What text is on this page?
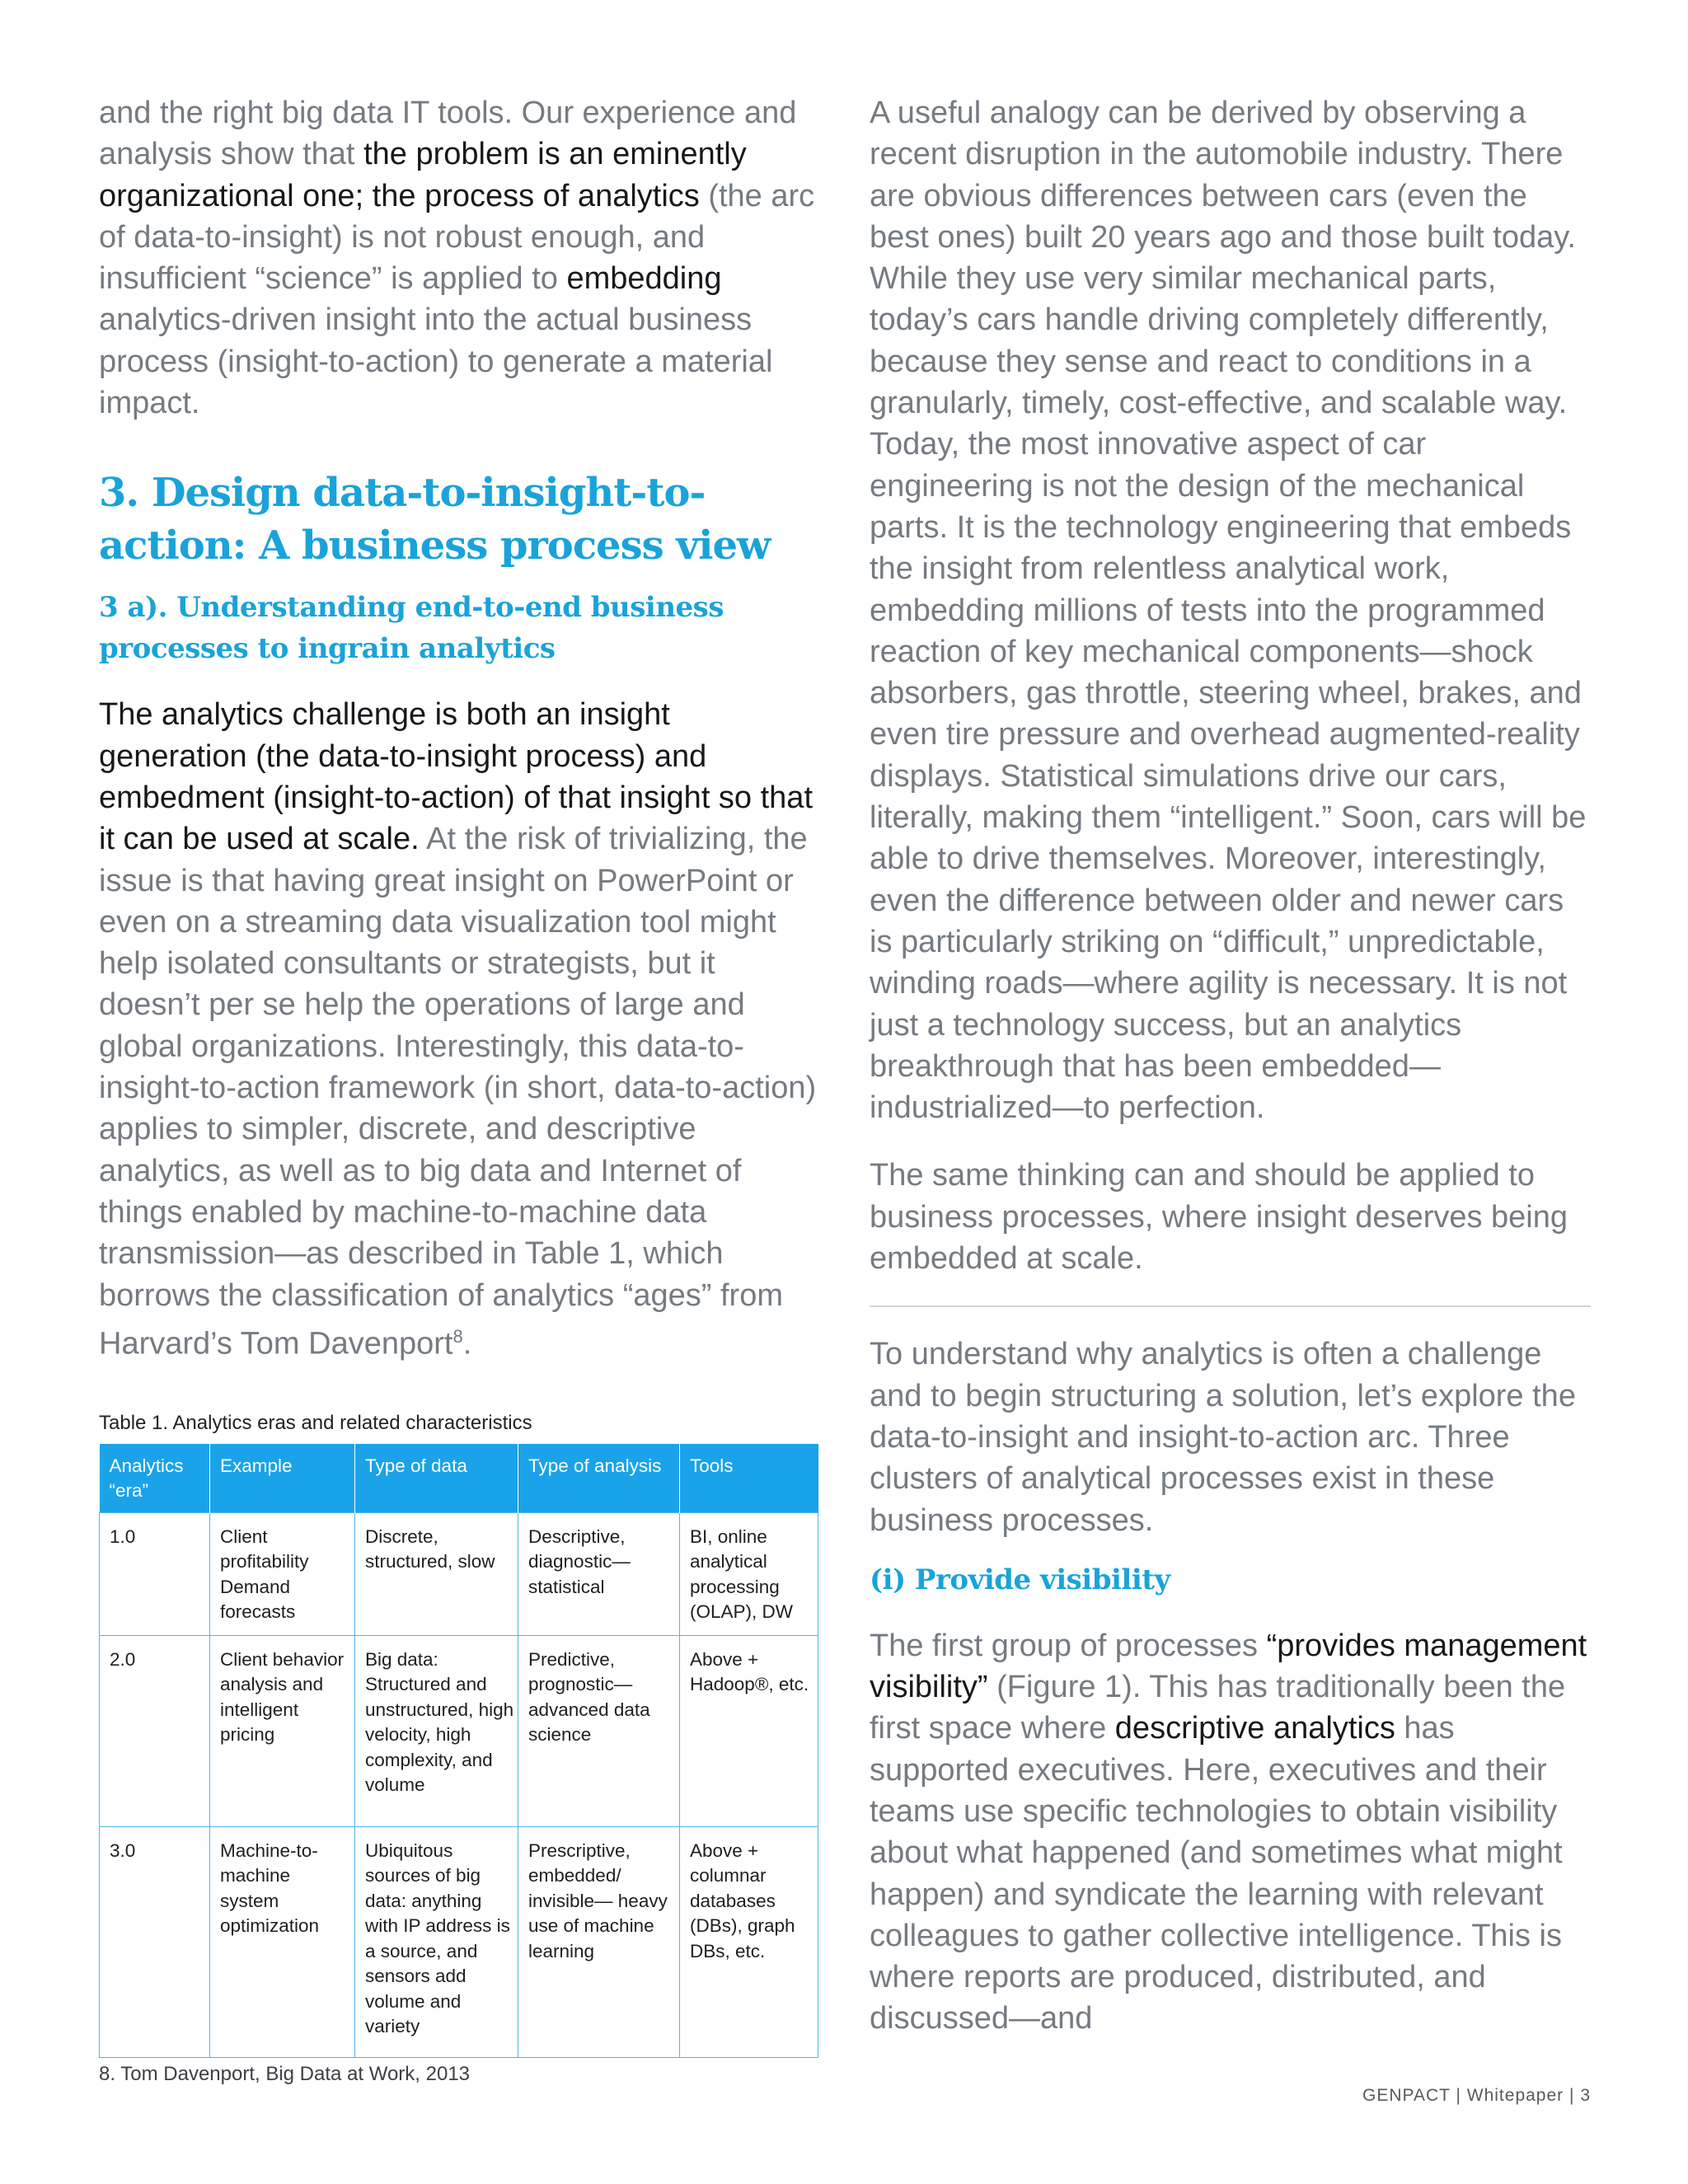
and the right big data IT tools. Our experience and analysis show that the problem is an eminently organizational one; the process of analytics (the arc of data-to-insight) is not robust enough, and insufficient “science” is applied to embedding analytics-driven insight into the actual business process (insight-to-action) to generate a material impact.

3. Design data-to-insight-to-action: A business process view
3 a). Understanding end-to-end business processes to ingrain analytics

The analytics challenge is both an insight generation (the data-to-insight process) and embedment (insight-to-action) of that insight so that it can be used at scale. At the risk of trivializing, the issue is that having great insight on PowerPoint or even on a streaming data visualization tool might help isolated consultants or strategists, but it doesn’t per se help the operations of large and global organizations. Interestingly, this data-to-insight-to-action framework (in short, data-to-action) applies to simpler, discrete, and descriptive analytics, as well as to big data and Internet of things enabled by machine-to-machine data transmission—as described in Table 1, which borrows the classification of analytics “ages” from Harvard’s Tom Davenport$^8$.

Table 1. Analytics eras and related characteristics
Analytics “era”	Example	Type of data	Type of analysis	Tools
1.0	Client profitability Demand forecasts	Discrete, structured, slow	Descriptive, diagnostic— statistical	BI, online analytical processing (OLAP), DW
2.0	Client behavior analysis and intelligent pricing	Big data: Structured and unstructured, high velocity, high complexity, and volume	Predictive, prognostic— advanced data science	Above + Hadoop®, etc.
3.0	Machine-to-machine system optimization	Ubiquitous sources of big data: anything with IP address is a source, and sensors add volume and variety	Prescriptive, embedded/ invisible— heavy use of machine learning	Above + columnar databases (DBs), graph DBs, etc.

A useful analogy can be derived by observing a recent disruption in the automobile industry. There are obvious differences between cars (even the best ones) built 20 years ago and those built today. While they use very similar mechanical parts, today’s cars handle driving completely differently, because they sense and react to conditions in a granularly, timely, cost-effective, and scalable way. Today, the most innovative aspect of car engineering is not the design of the mechanical parts. It is the technology engineering that embeds the insight from relentless analytical work, embedding millions of tests into the programmed reaction of key mechanical components—shock absorbers, gas throttle, steering wheel, brakes, and even tire pressure and overhead augmented-reality displays. Statistical simulations drive our cars, literally, making them “intelligent.” Soon, cars will be able to drive themselves. Moreover, interestingly, even the difference between older and newer cars is particularly striking on “difficult,” unpredictable, winding roads—where agility is necessary. It is not just a technology success, but an analytics breakthrough that has been embedded—industrialized—to perfection.

The same thinking can and should be applied to business processes, where insight deserves being embedded at scale.

To understand why analytics is often a challenge and to begin structuring a solution, let’s explore the data-to-insight and insight-to-action arc. Three clusters of analytical processes exist in these business processes.

(i) Provide visibility

The first group of processes “provides management visibility” (Figure 1). This has traditionally been the first space where descriptive analytics has supported executives. Here, executives and their teams use specific technologies to obtain visibility about what happened (and sometimes what might happen) and syndicate the learning with relevant colleagues to gather collective intelligence. This is where reports are produced, distributed, and discussed—and

8. Tom Davenport, Big Data at Work, 2013
GENPACT | Whitepaper | 3
